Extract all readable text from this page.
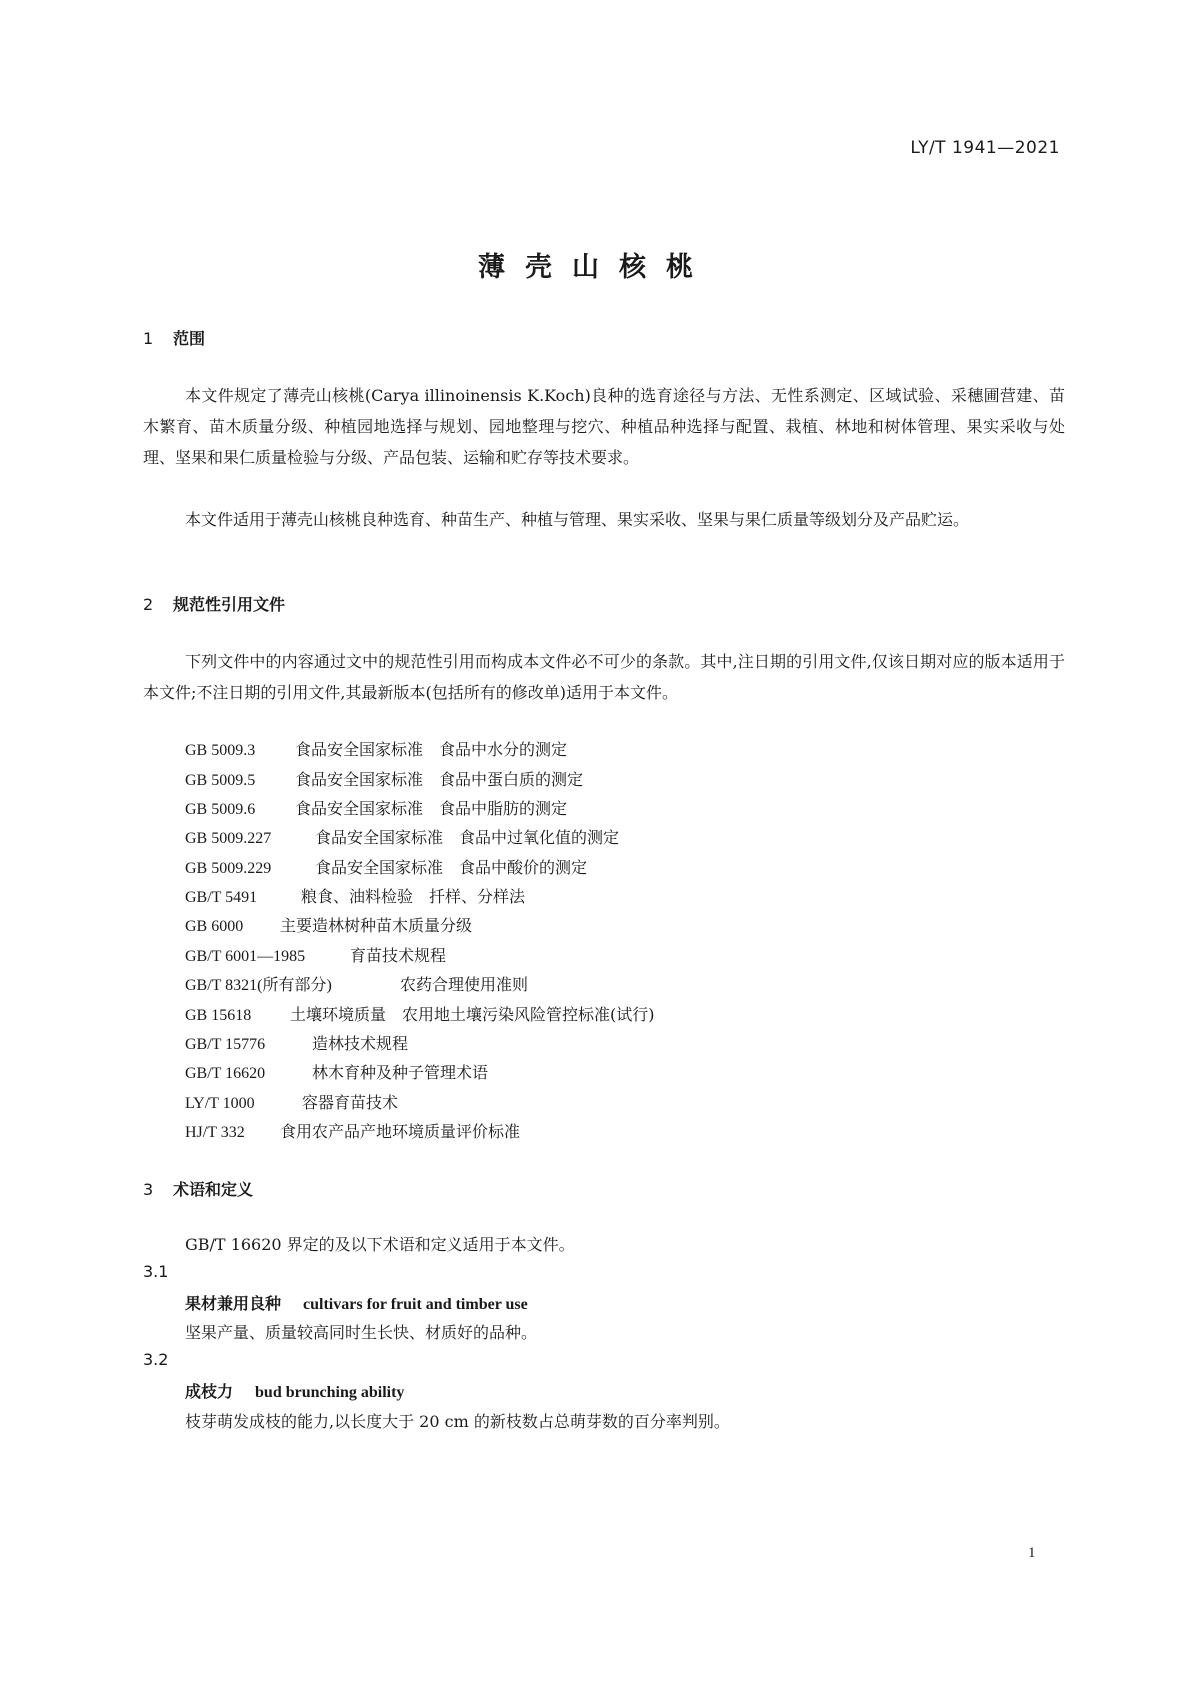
LY/T 1941—2021
薄壳山核桃
1 范围
本文件规定了薄壳山核桃(Carya illinoinensis K.Koch)良种的选育途径与方法、无性系测定、区域试验、采穗圃营建、苗木繁育、苗木质量分级、种植园地选择与规划、园地整理与挖穴、种植品种选择与配置、栽植、林地和树体管理、果实采收与处理、坚果和果仁质量检验与分级、产品包装、运输和贮存等技术要求。
本文件适用于薄壳山核桃良种选育、种苗生产、种植与管理、果实采收、坚果与果仁质量等级划分及产品贮运。
2 规范性引用文件
下列文件中的内容通过文中的规范性引用而构成本文件必不可少的条款。其中,注日期的引用文件,仅该日期对应的版本适用于本文件;不注日期的引用文件,其最新版本(包括所有的修改单)适用于本文件。
GB 5009.3 食品安全国家标准　食品中水分的测定
GB 5009.5 食品安全国家标准　食品中蛋白质的测定
GB 5009.6 食品安全国家标准　食品中脂肪的测定
GB 5009.227	食品安全国家标准　食品中过氧化值的测定
GB 5009.229	食品安全国家标准　食品中酸价的测定
GB/T 5491	粮食、油料检验　扦样、分样法
GB 6000 主要造林树种苗木质量分级
GB/T 6001—1985	育苗技术规程
GB/T 8321(所有部分)	农药合理使用准则
GB 15618 土壤环境质量　农用地土壤污染风险管控标准(试行)
GB/T 15776	造林技术规程
GB/T 16620	林木育种及种子管理术语
LY/T 1000	容器育苗技术
HJ/T 332 食用农产品产地环境质量评价标准
3 术语和定义
GB/T 16620 界定的及以下术语和定义适用于本文件。
3.1
果材兼用良种 cultivars for fruit and timber use
坚果产量、质量较高同时生长快、材质好的品种。
3.2
成枝力 bud brunching ability
枝芽萌发成枝的能力,以长度大于 20 cm 的新枝数占总萌芽数的百分率判别。
1
